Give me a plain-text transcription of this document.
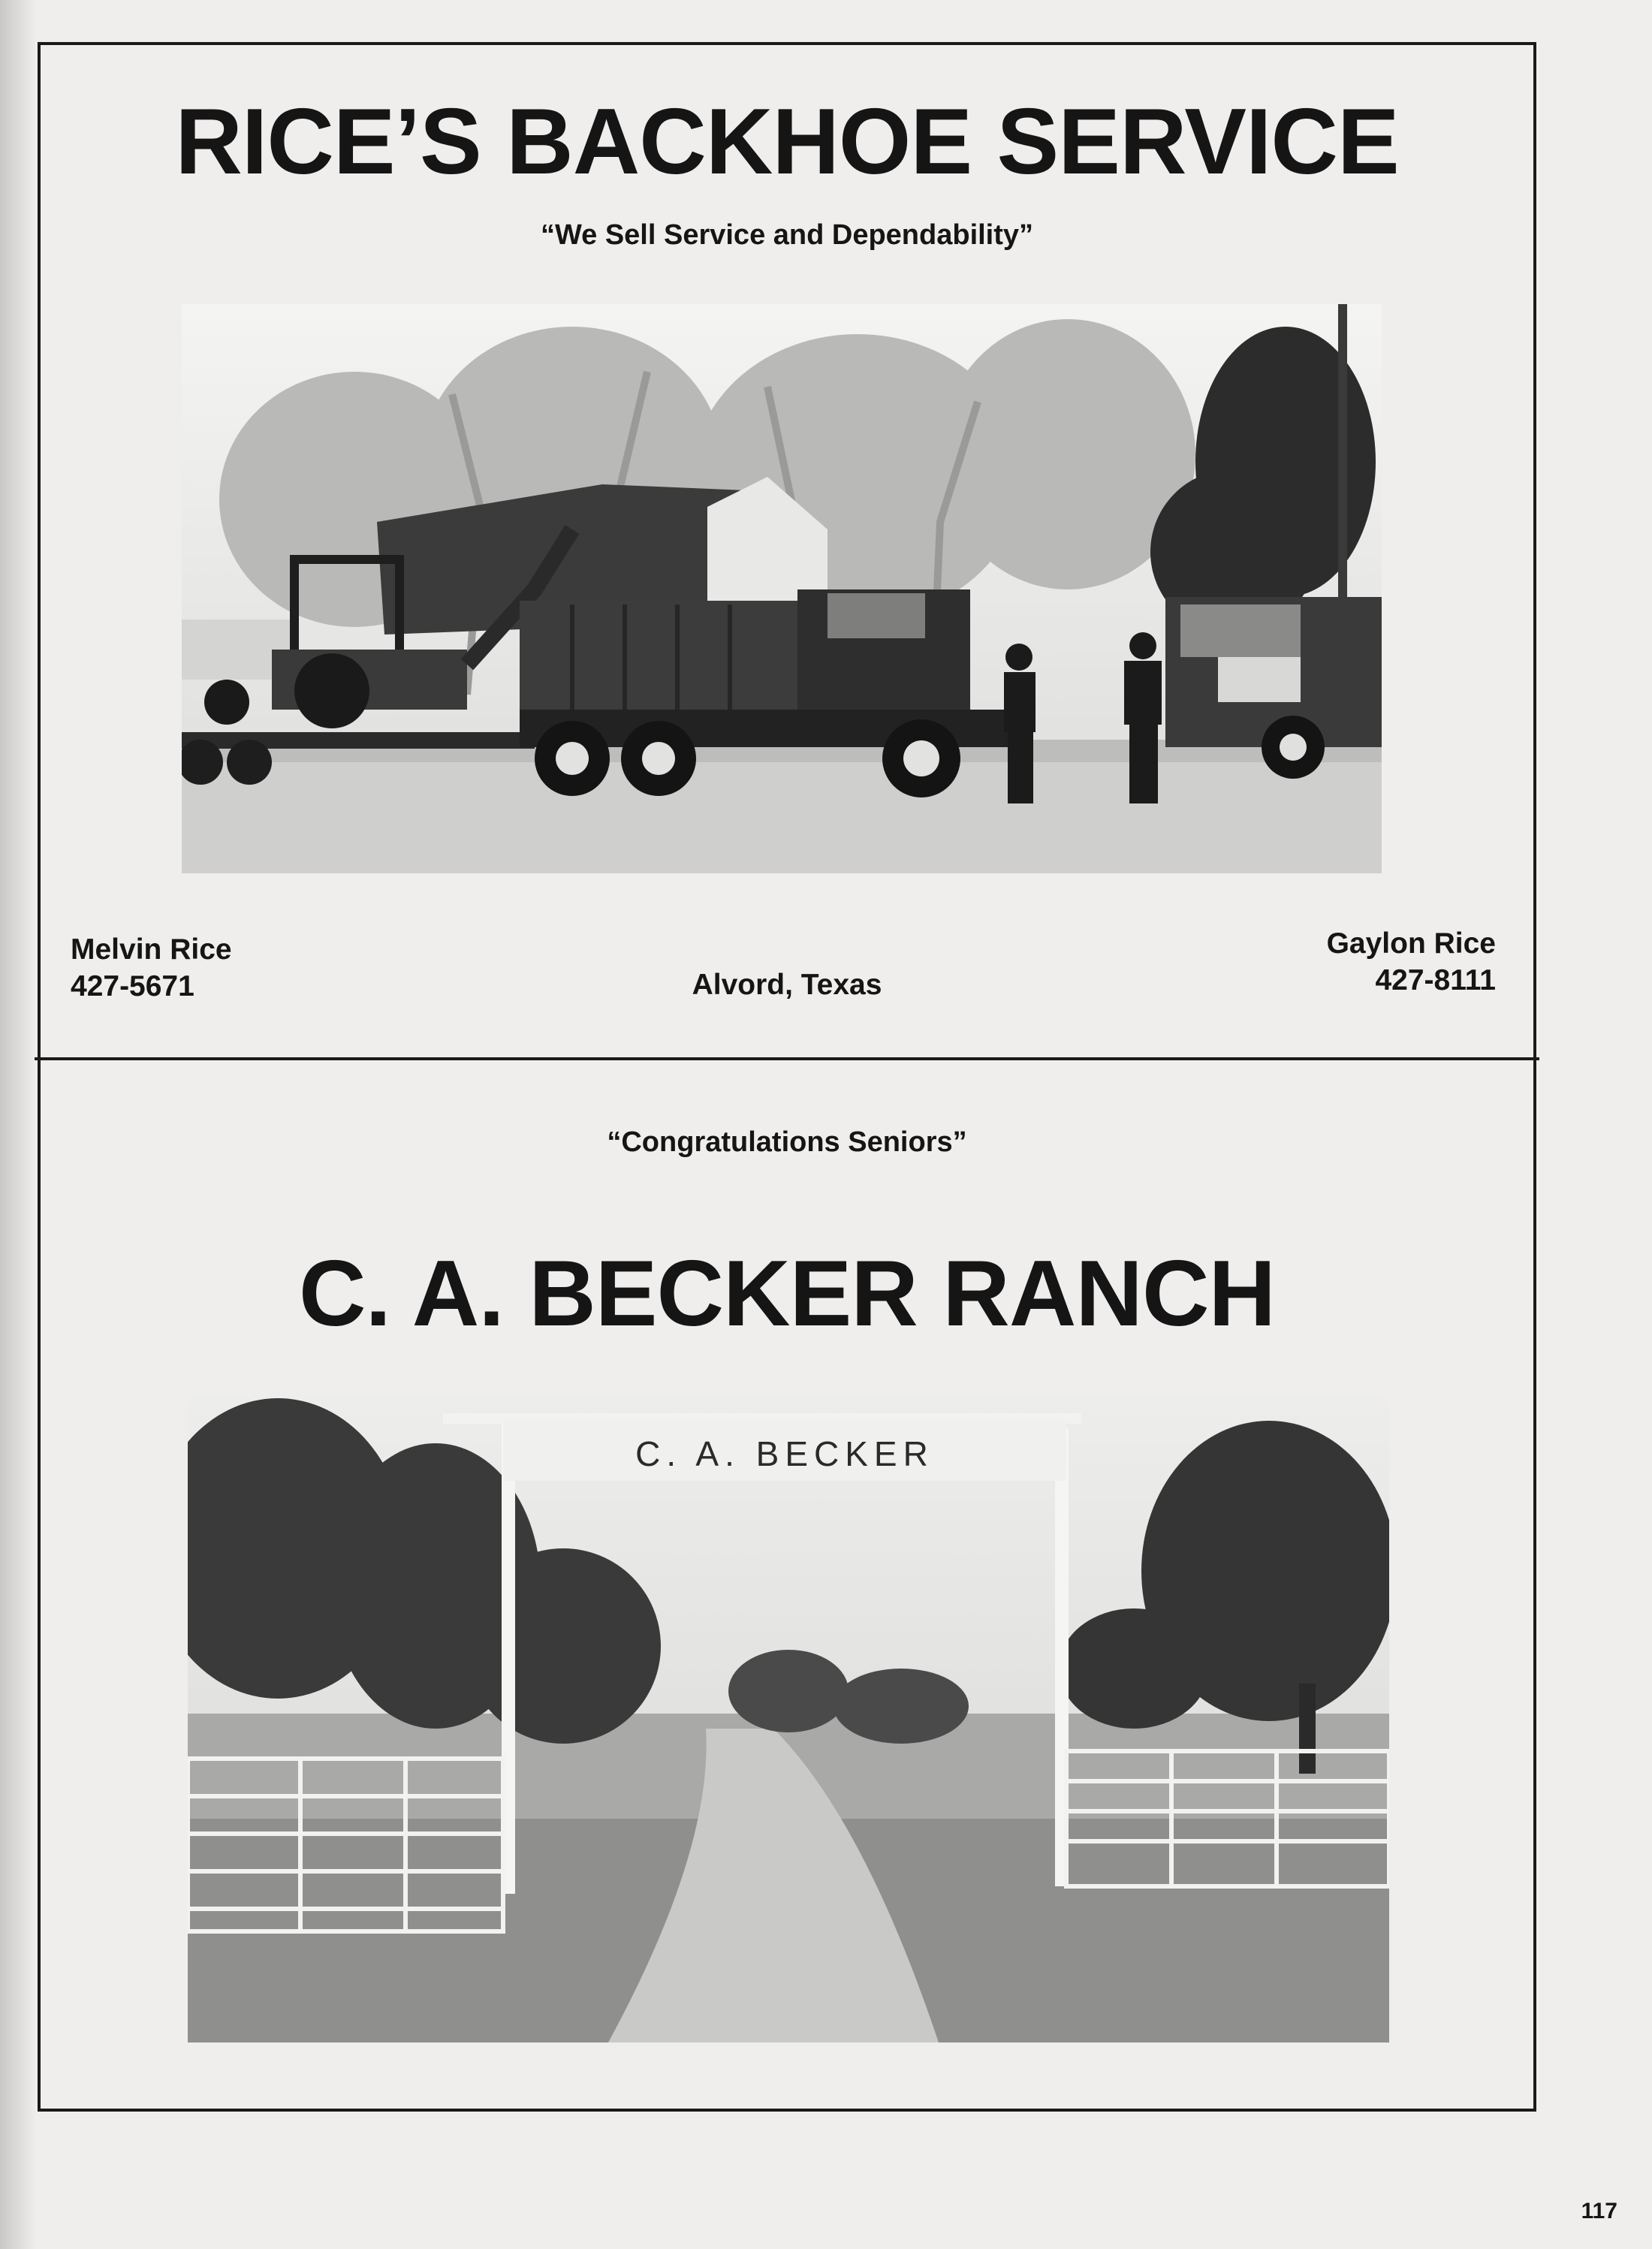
RICE’S BACKHOE SERVICE

“We Sell Service and Dependability”

Melvin Rice
427-5671	Alvord, Texas

Gaylon Rice
427-8111

“Congratulations Seniors”

C. A. BECKER RANCH
C. A. BECKER
117
